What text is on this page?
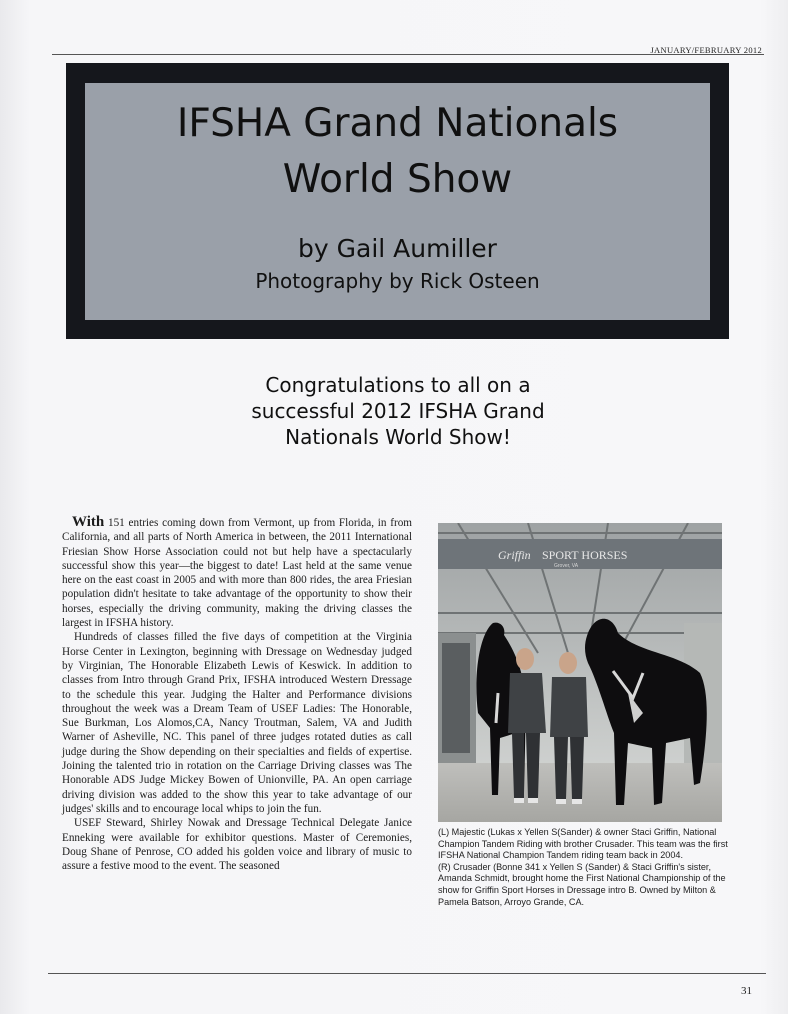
JANUARY/FEBRUARY 2012
IFSHA Grand Nationals
World Show
by Gail Aumiller
Photography by Rick Osteen
Congratulations to all on a successful 2012 IFSHA Grand Nationals World Show!

With 151 entries coming down from Vermont, up from Florida, in from California, and all parts of North America in between, the 2011 International Friesian Show Horse Association could not but help have a spectacularly successful show this year—the biggest to date! Last held at the same venue here on the east coast in 2005 and with more than 800 rides, the area Friesian population didn't hesitate to take advantage of the opportunity to show their horses, especially the driving community, making the driving classes the largest in IFSHA history.

Hundreds of classes filled the five days of competition at the Virginia Horse Center in Lexington, beginning with Dressage on Wednesday judged by Virginian, The Honorable Elizabeth Lewis of Keswick. In addition to classes from Intro through Grand Prix, IFSHA introduced Western Dressage to the schedule this year. Judging the Halter and Performance divisions throughout the week was a Dream Team of USEF Ladies: The Honorable, Sue Burkman, Los Alomos,CA, Nancy Troutman, Salem, VA and Judith Warner of Asheville, NC. This panel of three judges rotated duties as call judge during the Show depending on their specialties and fields of expertise. Joining the talented trio in rotation on the Carriage Driving classes was The Honorable ADS Judge Mickey Bowen of Unionville, PA. An open carriage driving division was added to the show this year to take advantage of our judges' skills and to encourage local whips to join the fun.

USEF Steward, Shirley Nowak and Dressage Technical Delegate Janice Enneking were available for exhibitor questions. Master of Ceremonies, Doug Shane of Penrose, CO added his golden voice and library of music to assure a festive mood to the event. The seasoned

Griffin SPORT HORSES
Grover, VA

(L) Majestic (Lukas x Yellen S(Sander) & owner Staci Griffin, National Champion Tandem Riding with brother Crusader. This team was the first IFSHA National Champion Tandem riding team back in 2004.

(R) Crusader (Bonne 341 x Yellen S (Sander) & Staci Griffin's sister, Amanda Schmidt, brought home the First National Championship of the show for Griffin Sport Horses in Dressage intro B. Owned by Milton & Pamela Batson, Arroyo Grande, CA.

31
